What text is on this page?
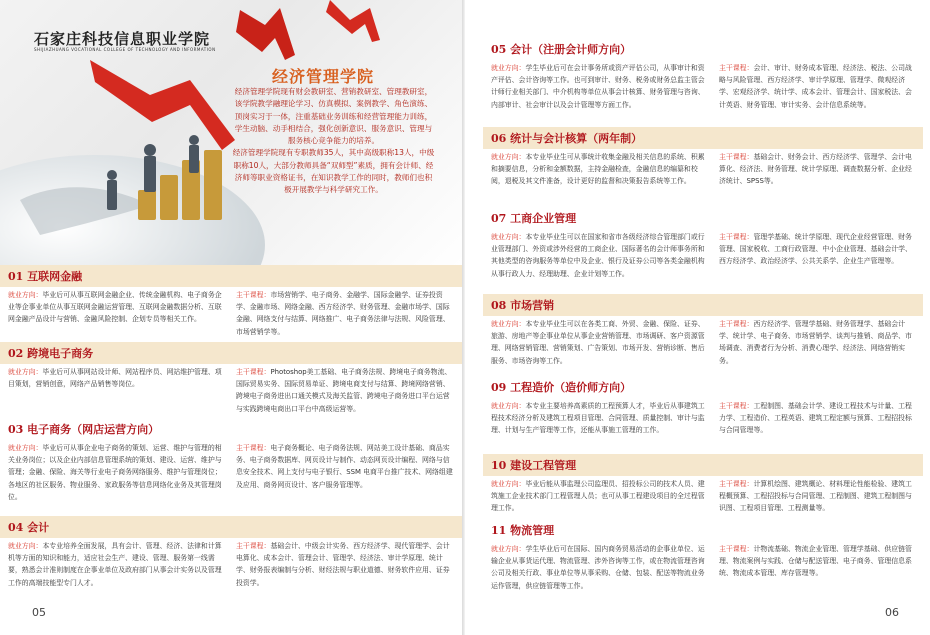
石家庄科技信息职业学院
SHIJIAZHUANG VOCATIONAL COLLEGE OF TECHNOLOGY AND INFORMATION
经济管理学院

经济管理学院现有财会教研室、营销教研室、管理教研室，该学院教学融理论学习、仿真模拟、案例教学、角色演练、顶岗实习于一体，注重基础业务训练和经营管理能力训练，学生动脑、动手相结合，强化创新意识、服务意识、管理与服务核心竞争能力的培养。

经济管理学院现有专职教师35人，其中高级职称13人，中级职称10人，大部分教师具备“双师型”素质，拥有会计师、经济师等职业资格证书，在知识教学工作的同时，教师们也积极开展教学与科学研究工作。

01 互联网金融
就业方向：毕业后可从事互联网金融企业、传统金融机构、电子商务企业等企事业单位从事互联网金融运营管理、互联网金融数据分析、互联网金融产品设计与营销、金融风险控制、企划专员等相关工作。
主干课程：市场营销学、电子商务、金融学、国际金融学、证券投资学、金融市场、网络金融、西方经济学、财务管理、金融市场学、国际金融、网络支付与结算、网络推广、电子商务法律与法规、风险管理、市场营销学等。
02 跨境电子商务
就业方向：毕业后可从事网站设计师、网站程序员、网站维护管理、项目策划，营销创意，网络产品销售等岗位。
主干课程：Photoshop美工基础、电子商务法规、跨境电子商务物流、国际贸易实务、国际贸易单证、跨境电商支付与结算、跨境网络营销、跨境电子商务进出口通关模式及海关监管、跨境电子商务进口平台运营与实践跨境电商出口平台中高级运营等。
03 电子商务（网店运营方向）
就业方向：毕业后可从事企业电子商务的策划、运营、维护与管理的相关业务岗位；以及企业内部信息管理系统的策划、建设、运营、维护与管理；金融、保险、海关等行业电子商务网络服务、维护与管理岗位；各地区的社区服务、物业服务、家政服务等信息网络化业务及其管理岗位。
主干课程：电子商务概论、电子商务法规、网站美工设计基础、商品实务、电子商务数据库、网页设计与制作、动态网页设计编程、网络与信息安全技术、网上支付与电子银行、SSM 电商平台推广技术、网络组建及应用、商务网页设计、客户服务管理等。
04 会计
就业方向：本专业培养全面发展，具有会计、管理、经济、法律和计算机等方面的知识和能力，适应社会生产、建设、管理、服务第一线需要，熟悉会计准则制度在企事业单位及政府部门从事会计实务以及管理工作的高端技能型专门人才。
主干课程：基础会计、中级会计实务、西方经济学、现代管理学、会计电算化、成本会计、管理会计、管理学、经济法、审计学原理、统计学、财务报表编制与分析、财经法规与职业道德、财务软件应用、证券投资学。
05
05 会计（注册会计师方向）
就业方向：学生毕业后可在会计事务所或资产评估公司，从事审计和资产评估、会计咨询等工作。也可到审计、财务、税务或财务总监主管会计师行业相关部门、中介机构等单位从事会计核算、财务管理与咨询、内部审计、社会审计以及会计管理等方面工作。
主干课程：会计、审计、财务成本管理、经济法、税法、公司战略与风险管理、西方经济学、审计学原理、管理学、微观经济学、宏观经济学、统计学、成本会计、管理会计、国家税法、会计英语、财务管理、审计实务、会计信息系统等。
06 统计与会计核算（两年制）
就业方向：本专业毕业生可从事统计收集金融及相关信息的系统、积累和摘要信息，分析和金额数据，主持金融检查，金融信息的编纂和校阅，退税及其文件准备，设计更好的监督和决策报告系统等工作。
主干课程：基础会计、财务会计、西方经济学、管理学、会计电算化、经济法、财务管理、统计学原理、调查数据分析、企业经济统计、SPSS等。
07 工商企业管理
就业方向：本专业毕业生可以在国家和省市各级经济综合管理部门或行业管理部门、外资或涉外经营的工商企业、国际著名的会计师事务所和其他类型的咨询服务等单位中及企业、银行及证券公司等各类金融机构从事行政人力、经理助理、企业计划等工作。
主干课程：管理学基础、统计学原理、现代企业经营管理、财务管理、国家税收、工商行政管理、中小企业管理、基础会计学、西方经济学、政治经济学、公共关系学、企业生产管理等。
08 市场营销
就业方向：本专业毕业生可以在各类工商、外贸、金融、保险、证券、旅游、房地产等企事业单位从事企业营销管理、市场调研、客户资源管理、网络营销管理、营销策划、广告策划、市场开发、营销诊断、售后服务、市场咨询等工作。
主干课程：西方经济学、管理学基础、财务管理学、基础会计学、统计学、电子商务、市场营销学、谈判与推销、商品学、市场调查、消费者行为分析、消费心理学、经济法、网络营销实务。
09 工程造价（造价师方向）
就业方向：本专业主要培养高素质的工程预算人才，毕业后从事建筑工程技术经济分析及建筑工程项目管理、合同管理、质量控制、审计与监理、计划与生产管理等工作，还能从事施工管理的工作。
主干课程：工程制图、基础会计学、建设工程技术与计量、工程力学、工程造价、工程英语、建筑工程定额与预算、工程招投标与合同管理等。
10 建设工程管理
就业方向：毕业后能从事监理公司监理员、招投标公司的技术人员、建筑施工企业技术部门工程管理人员；也可从事工程建设项目的全过程管理工作。
主干课程：计算机绘图、建筑概论、材料理论性能检验、建筑工程概预算、工程招投标与合同管理、工程制图、建筑工程制图与识图、工程项目管理、工程测量等。
11 物流管理
就业方向：学生毕业后可在国际、国内商务贸易活动的企事业单位、运输企业从事货运代理、物流管理、涉外咨询等工作，或在物流管理咨询公司及相关行政、事业单位等从事采购、仓储、包装、配送等物流业务运作管理，供应链管理等工作。
主干课程：计物流基础、物流企业管理、管理学基础、供应链管理、物流案例与实践、仓储与配送管理、电子商务、管理信息系统、物流成本管理、库存管理等。
06
